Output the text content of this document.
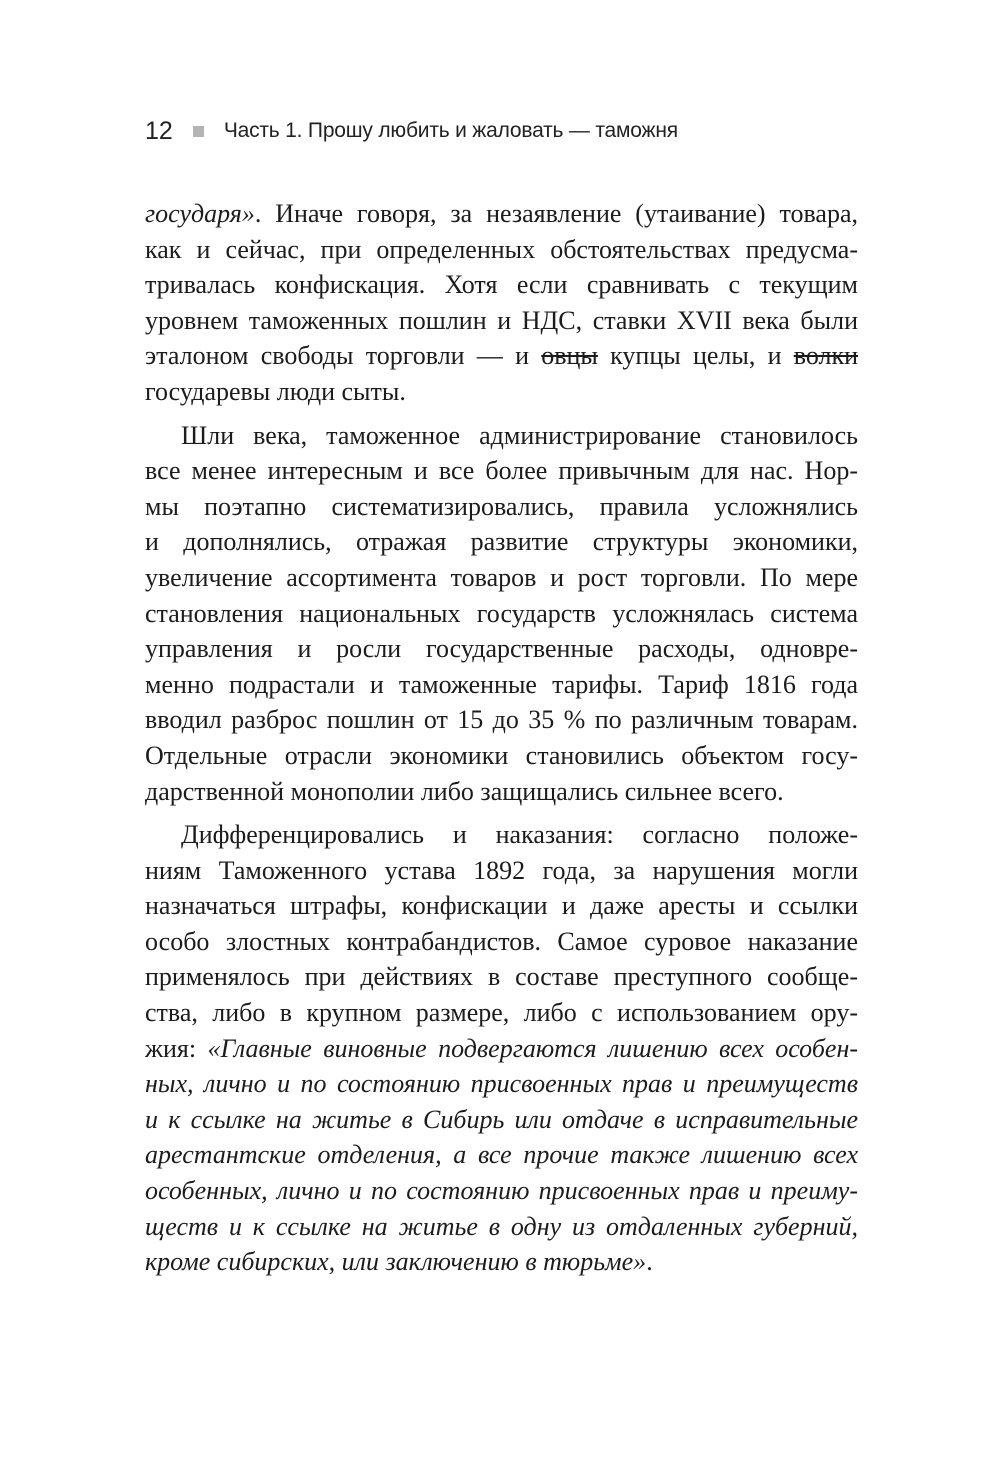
12 Часть 1. Прошу любить и жаловать — таможня
государя». Иначе говоря, за незаявление (утаивание) товара,
как и сейчас, при определенных обстоятельствах предусма-
тривалась конфискация. Хотя если сравнивать с текущим
уровнем таможенных пошлин и НДС, ставки XVII века были
эталоном свободы торговли — и овцы купцы целы, и волки
государевы люди сыты.
Шли века, таможенное администрирование становилось
все менее интересным и все более привычным для нас. Нор-
мы поэтапно систематизировались, правила усложнялись
и дополнялись, отражая развитие структуры экономики,
увеличение ассортимента товаров и рост торговли. По мере
становления национальных государств усложнялась система
управления и росли государственные расходы, одновре-
менно подрастали и таможенные тарифы. Тариф 1816 года
вводил разброс пошлин от 15 до 35 % по различным товарам.
Отдельные отрасли экономики становились объектом госу-
дарственной монополии либо защищались сильнее всего.
Дифференцировались и наказания: согласно положе-
ниям Таможенного устава 1892 года, за нарушения могли
назначаться штрафы, конфискации и даже аресты и ссылки
особо злостных контрабандистов. Самое суровое наказание
применялось при действиях в составе преступного сообще-
ства, либо в крупном размере, либо с использованием ору-
жия: «Главные виновные подвергаются лишению всех особен-
ных, лично и по состоянию присвоенных прав и преимуществ
и к ссылке на житье в Сибирь или отдаче в исправительные
арестантские отделения, а все прочие также лишению всех
особенных, лично и по состоянию присвоенных прав и преиму-
ществ и к ссылке на житье в одну из отдаленных губерний,
кроме сибирских, или заключению в тюрьме».
